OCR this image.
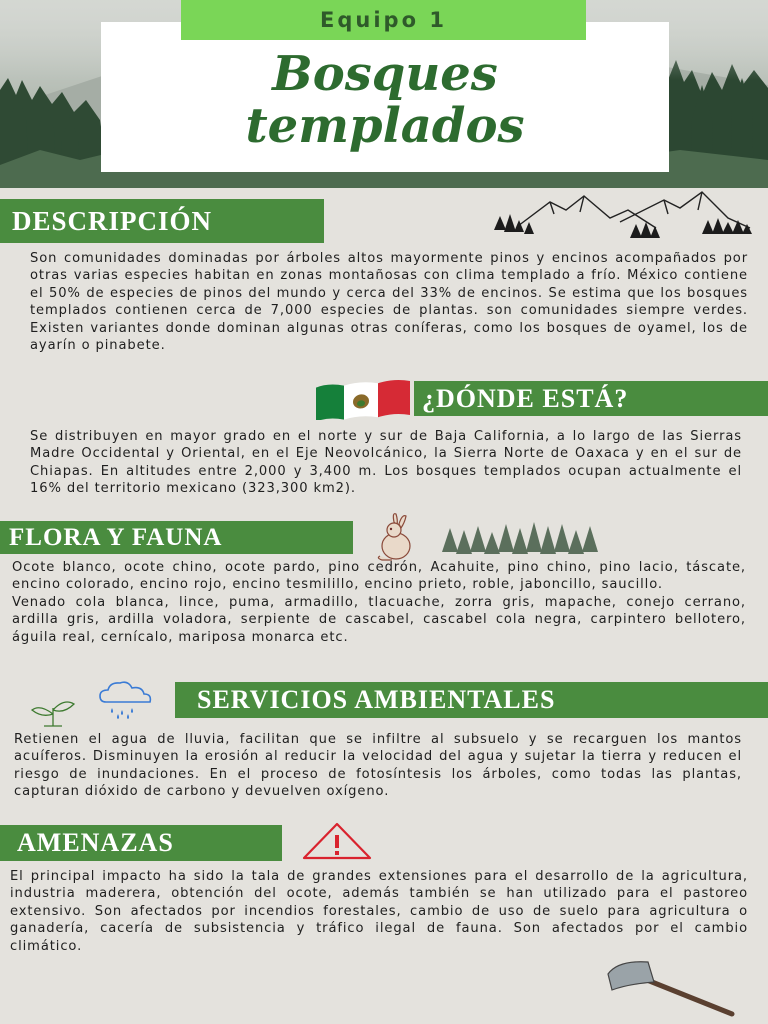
Equipo 1
Bosques
templados
DESCRIPCIÓN

Son comunidades dominadas por árboles altos mayormente pinos y encinos acompañados por otras varias especies habitan en zonas montañosas con clima templado a frío. México contiene el 50% de especies de pinos del mundo y cerca del 33% de encinos. Se estima que los bosques templados contienen cerca de 7,000 especies de plantas. son comunidades siempre verdes. Existen variantes donde dominan algunas otras coníferas, como los bosques de oyamel, los de ayarín o pinabete.

¿DÓNDE ESTÁ?

Se distribuyen en mayor grado en el norte y sur de Baja California, a lo largo de las Sierras Madre Occidental y Oriental, en el Eje Neovolcánico, la Sierra Norte de Oaxaca y en el sur de Chiapas. En altitudes entre 2,000 y 3,400 m. Los bosques templados ocupan actualmente el 16% del territorio mexicano (323,300 km2).

FLORA Y FAUNA

Ocote blanco, ocote chino, ocote pardo, pino cedrón, Acahuite, pino chino, pino lacio, táscate, encino colorado, encino rojo, encino tesmilillo, encino prieto, roble, jaboncillo, saucillo.

Venado cola blanca, lince, puma, armadillo, tlacuache, zorra gris, mapache, conejo cerrano, ardilla gris, ardilla voladora, serpiente de cascabel, cascabel cola negra, carpintero bellotero, águila real, cernícalo, mariposa monarca etc.

SERVICIOS AMBIENTALES

Retienen el agua de lluvia, facilitan que se infiltre al subsuelo y se recarguen los mantos acuíferos. Disminuyen la erosión al reducir la velocidad del agua y sujetar la tierra y reducen el riesgo de inundaciones. En el proceso de fotosíntesis los árboles, como todas las plantas, capturan dióxido de carbono y devuelven oxígeno.

AMENAZAS

El principal impacto ha sido la tala de grandes extensiones para el desarrollo de la agricultura, industria maderera, obtención del ocote, además también se han utilizado para el pastoreo extensivo. Son afectados por incendios forestales, cambio de uso de suelo para agricultura o ganadería, cacería de subsistencia y tráfico ilegal de fauna. Son afectados por el cambio climático.
